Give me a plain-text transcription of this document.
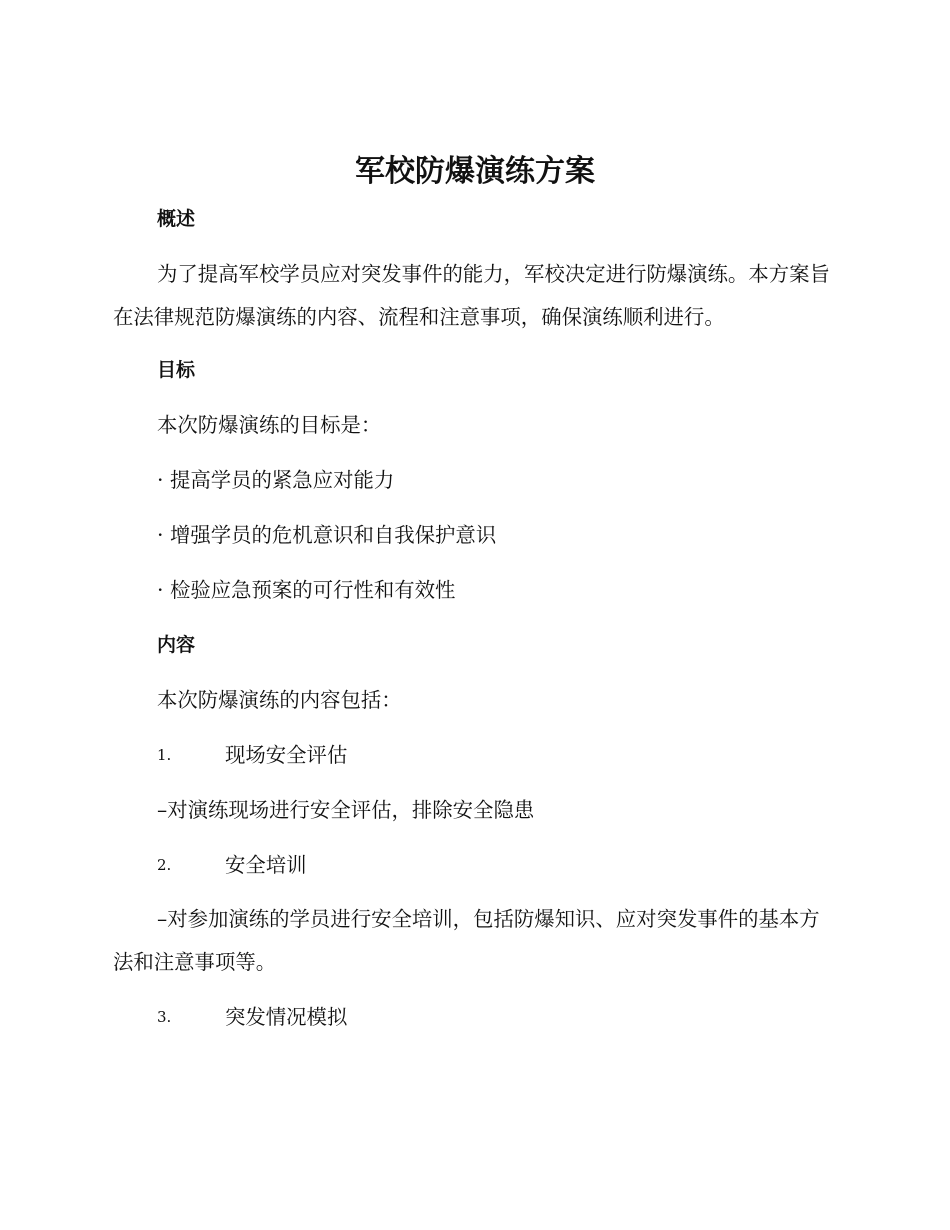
军校防爆演练方案
概述
为了提高军校学员应对突发事件的能力，军校决定进行防爆演练。本方案旨在法律规范防爆演练的内容、流程和注意事项，确保演练顺利进行。
目标
本次防爆演练的目标是：
· 提高学员的紧急应对能力
· 增强学员的危机意识和自我保护意识
· 检验应急预案的可行性和有效性
内容
本次防爆演练的内容包括：
1.	现场安全评估
–对演练现场进行安全评估，排除安全隐患
2.	安全培训
–对参加演练的学员进行安全培训，包括防爆知识、应对突发事件的基本方法和注意事项等。
3.	突发情况模拟
